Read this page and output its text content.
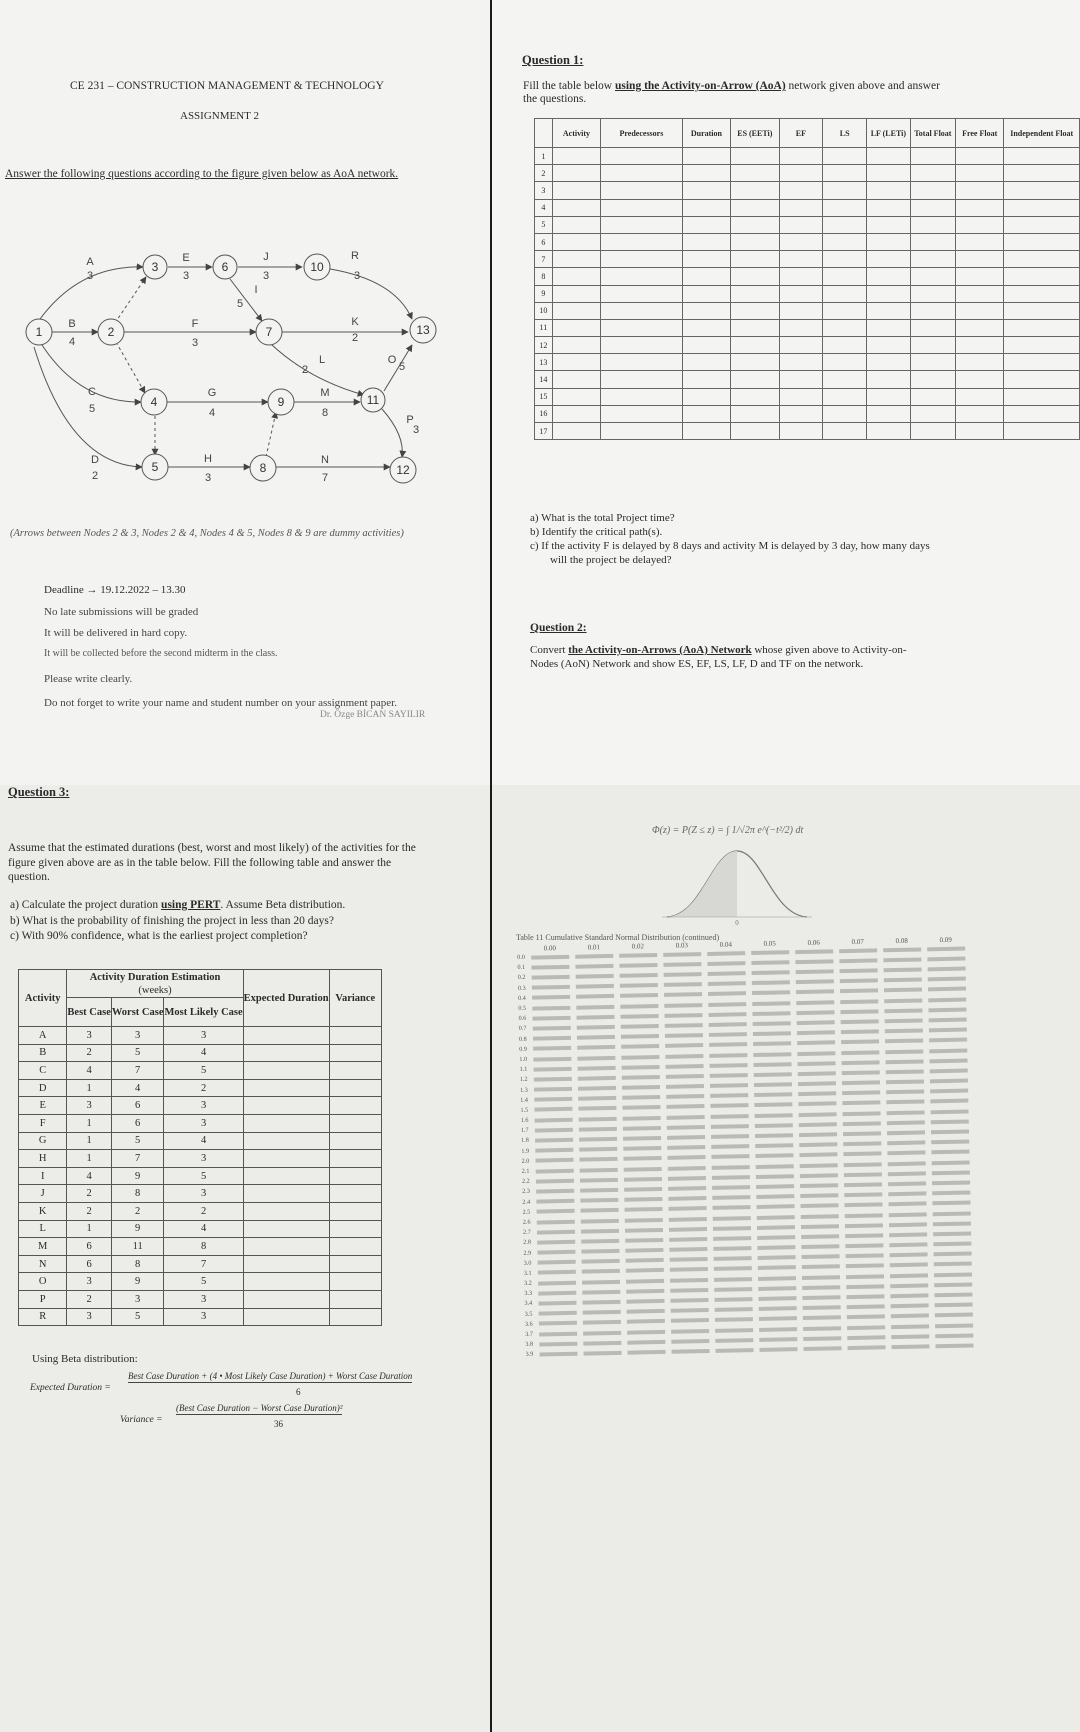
CE 231 – CONSTRUCTION MANAGEMENT & TECHNOLOGY
ASSIGNMENT 2
Answer the following questions according to the figure given below as AoA network.
1	2
3	6	10
7	13
4	9	11
5	8	12
A
3
B
4
C
5
D
2
E
3
F
3
G
4
H
3
I
5
J
3
K
2
L
2
M
8
N
7
O
5
P
3
R
3
(Arrows between Nodes 2 & 3, Nodes 2 & 4, Nodes 4 & 5, Nodes 8 & 9 are dummy activities)
Deadline → 19.12.2022 – 13.30
No late submissions will be graded
It will be delivered in hard copy.
It will be collected before the second midterm in the class.
Please write clearly.
Do not forget to write your name and student number on your assignment paper.
Dr. Özge BİCAN SAYILIR
Question 1:
Fill the table below using the Activity-on-Arrow (AoA) network given above and answer
the questions.
	Activity	Predecessors	Duration	ES (EETi)	EF	LS	LF (LETi)	Total Float	Free Float	Independent Float
1										
2										
3										
4										
5										
6										
7										
8										
9										
10										
11										
12										
13										
14										
15										
16										
17										
a) What is the total Project time?
b) Identify the critical path(s).
c) If the activity F is delayed by 8 days and activity M is delayed by 3 day, how many days
will the project be delayed?
Question 2:
Convert the Activity-on-Arrows (AoA) Network whose given above to Activity-on-
Nodes (AoN) Network and show ES, EF, LS, LF, D and TF on the network.
Question 3:
Assume that the estimated durations (best, worst and most likely) of the activities for the
figure given above are as in the table below. Fill the following table and answer the
question.
a) Calculate the project duration using PERT. Assume Beta distribution.
b) What is the probability of finishing the project in less than 20 days?
c) With 90% confidence, what is the earliest project completion?
Activity	Activity Duration Estimation			Expected Duration	Variance
	(weeks)				
	Best Case	Worst Case	Most Likely Case		
A	3	3	3		
B	2	5	4		
C	4	7	5		
D	1	4	2		
E	3	6	3		
F	1	6	3		
G	1	5	4		
H	1	7	3		
I	4	9	5		
J	2	8	3		
K	2	2	2		
L	1	9	4		
M	6	11	8		
N	6	8	7		
O	3	9	5		
P	2	3	3		
R	3	5	3		
Using Beta distribution:
Expected Duration =
Best Case Duration + (4 • Most Likely Case Duration) + Worst Case Duration
6
Variance =
(Best Case Duration − Worst Case Duration)²
36
Φ(z) = P(Z ≤ z) = ∫ 1/√2π e^(−t²/2) dt
0
Table 11 Cumulative Standard Normal Distribution (continued)
	0.00	0.01	0.02	0.03	0.04	0.05	0.06	0.07	0.08	0.09
0.0										
0.1										
0.2										
0.3										
0.4										
0.5										
0.6										
0.7										
0.8										
0.9										
1.0										
1.1										
1.2										
1.3										
1.4										
1.5										
1.6										
1.7										
1.8										
1.9										
2.0										
2.1										
2.2										
2.3										
2.4										
2.5										
2.6										
2.7										
2.8										
2.9										
3.0										
3.1										
3.2										
3.3										
3.4										
3.5										
3.6										
3.7										
3.8										
3.9										
